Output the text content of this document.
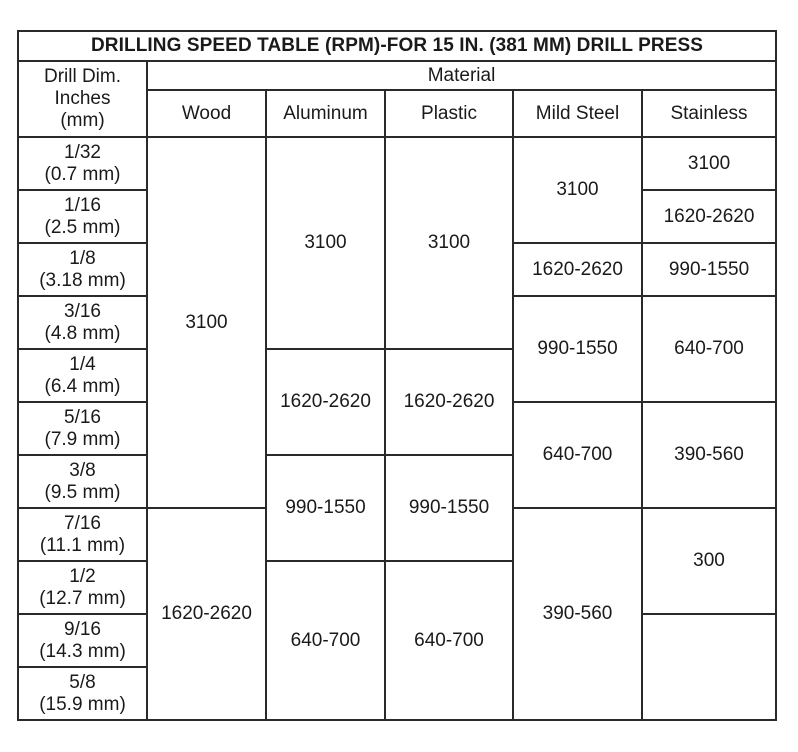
DRILLING SPEED TABLE (RPM)-FOR 15 IN. (381 MM) DRILL PRESS					

Drill Dim.
Inches
(mm)	Material				
	Wood	Aluminum	Plastic	Mild Steel	Stainless

1/32
(0.7 mm)	3100	3100	3100	3100	3100

1/16
(2.5 mm)					1620-2620

1/8
(3.18 mm)				1620-2620	990-1550

3/16
(4.8 mm)				990-1550	640-700

1/4
(6.4 mm)		1620-2620	1620-2620		

5/16
(7.9 mm)				640-700	390-560

3/8
(9.5 mm)		990-1550	990-1550		

7/16
(11.1 mm)	1620-2620			390-560	300

1/2
(12.7 mm)		640-700	640-700		

9/16
(14.3 mm)					

5/8
(15.9 mm)					
